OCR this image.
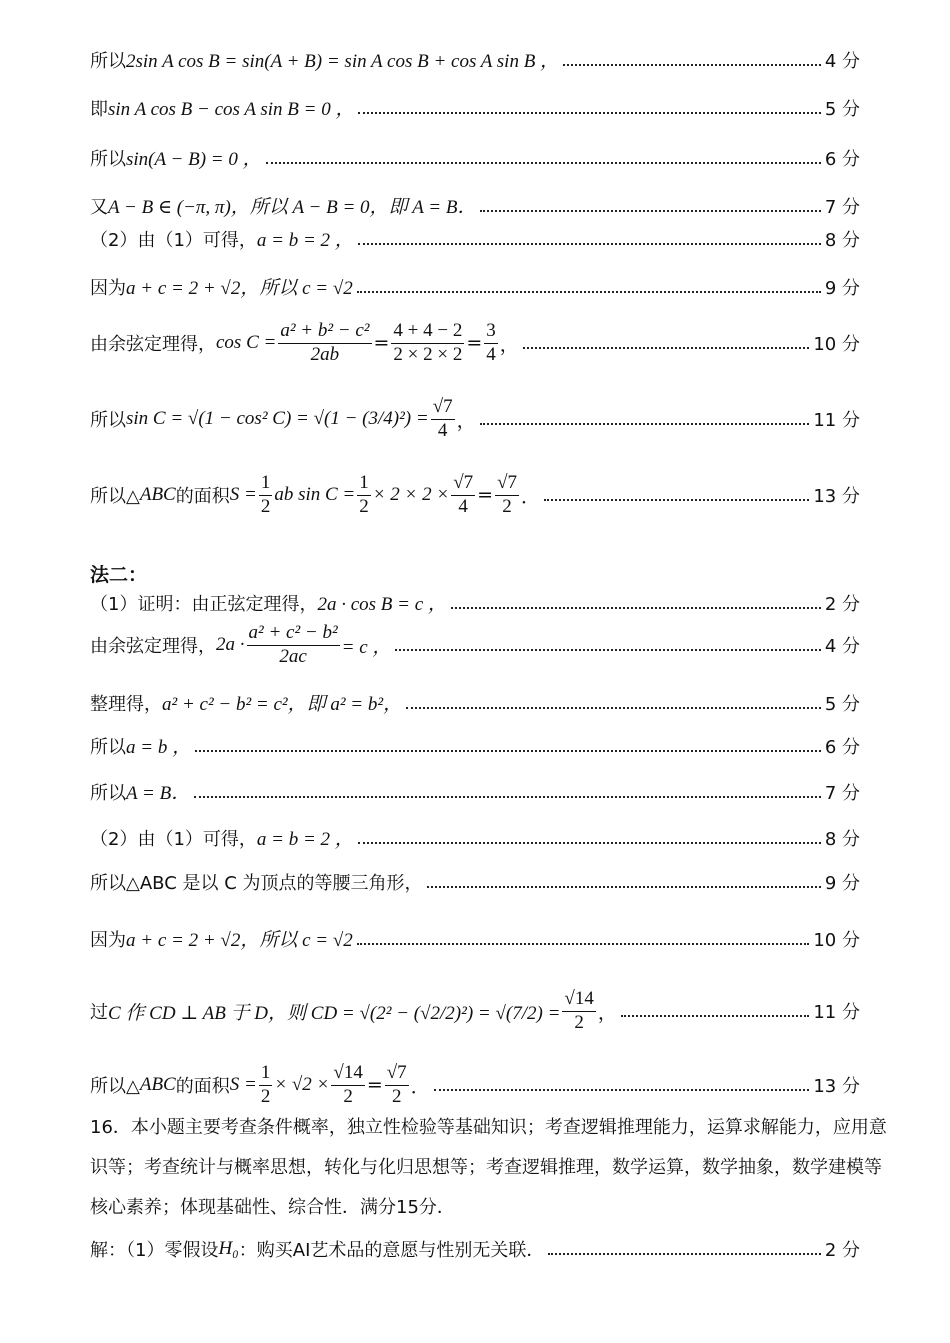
所以 2sin A cos B = sin(A + B) = sin A cos B + cos A sin B ，	4 分
即 sin A cos B − cos A sin B = 0 ，	5 分
所以 sin(A − B) = 0 ，	6 分
又 A − B ∈ (−π, π)，所以 A − B = 0，即 A = B．	7 分
（2）由（1）可得， a = b = 2 ，	8 分
因为 a + c = 2 + √2，所以 c = √2	9 分
由余弦定理得， $\cos C = \frac{\text{a² + b² − c²}}{2ab} = \frac{4 + 4 - 2}{2 \times 2 \times 2} = \frac{3}{4}$ ，	10 分
所以 sin C = √(1 − cos² $C) = √(1 - (3/4)^2) = \frac{√7}{4}$ ，	11 分
所以△ ABC 的面积 $S = \frac{1}{2}$ ab $\sin C = \frac{1}{2} \times 2 \times 2 \times \frac{√7}{4} = \frac{√7}{2}$ ．	13 分
法二：
（1）证明：由正弦定理得， 2a · cos B = c ，	2 分
由余弦定理得， $2a \cdot \frac{\text{a² + c² − b²}}{2ac} = c$ ，	4 分
整理得， a² + c² − b² = c²，即 a² = b²，	5 分
所以 a = b ，	6 分
所以 A = B．	7 分
（2）由（1）可得， a = b = 2 ，	8 分
所以△ ABC 是以 C 为顶点的等腰三角形，	9 分
因为 a + c = 2 + √2，所以 c = √2	10 分
过 C 作 CD ⊥ AB 于 D，则 CD = $√(2^2 - (√2/2)^2) = √(7/2) = \frac{√14}{2}$ ，	11 分
所以△ ABC 的面积 $S = \frac{1}{2} \times √2 \times \frac{√14}{2} = \frac{√7}{2}$ ．	13 分
16．本小题主要考查条件概率，独立性检验等基础知识；考查逻辑推理能力，运算求解能力，应用意识等；考查统计与概率思想，转化与化归思想等；考查逻辑推理，数学运算，数学抽象，数学建模等核心素养；体现基础性、综合性．满分15分．
解：（1）零假设 H₀ ：购买AI艺术品的意愿与性别无关联．	2 分
